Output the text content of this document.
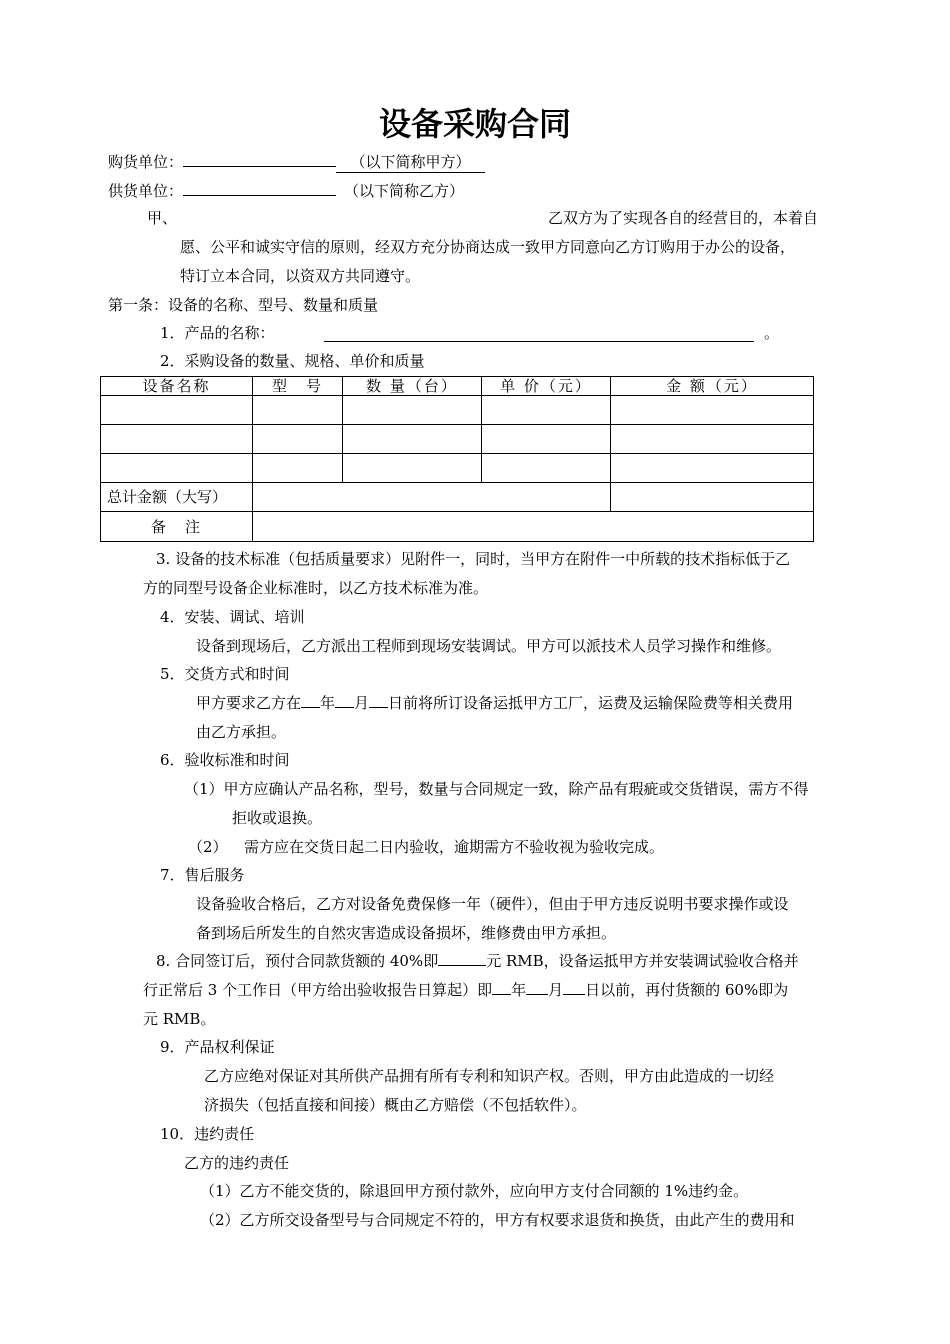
设备采购合同
购货单位：	（以下简称甲方）
供货单位：	（以下简称乙方）
甲、	乙双方为了实现各自的经营目的，本着自
愿、公平和诚实守信的原则，经双方充分协商达成一致甲方同意向乙方订购用于办公的设备，
特订立本合同，以资双方共同遵守。
第一条：设备的名称、型号、数量和质量
1．产品的名称：	。
2．采购设备的数量、规格、单价和质量
设备名称	型　号	数 量（台）	单 价（元）	金 额（元）

总计金额（大写）				
备　注				
3. 设备的技术标准（包括质量要求）见附件一，同时，当甲方在附件一中所载的技术指标低于乙
方的同型号设备企业标准时，以乙方技术标准为准。
4．安装、调试、培训
设备到现场后，乙方派出工程师到现场安装调试。甲方可以派技术人员学习操作和维修。
5．交货方式和时间
甲方要求乙方在 年 月 日前将所订设备运抵甲方工厂，运费及运输保险费等相关费用
由乙方承担。
6．验收标准和时间
（1）甲方应确认产品名称，型号，数量与合同规定一致，除产品有瑕疵或交货错误，需方不得
拒收或退换。
（2） 需方应在交货日起二日内验收，逾期需方不验收视为验收完成。
7．售后服务
设备验收合格后，乙方对设备免费保修一年（硬件），但由于甲方违反说明书要求操作或设
备到场后所发生的自然灾害造成设备损坏，维修费由甲方承担。
8. 合同签订后，预付合同款货额的 40%即	元 RMB，设备运抵甲方并安装调试验收合格并
行正常后 3 个工作日（甲方给出验收报告日算起）即 年 月 日以前，再付货额的 60%即为
元 RMB。
9．产品权利保证
乙方应绝对保证对其所供产品拥有所有专利和知识产权。否则，甲方由此造成的一切经
济损失（包括直接和间接）概由乙方赔偿（不包括软件）。
10．违约责任
乙方的违约责任
（1）乙方不能交货的，除退回甲方预付款外，应向甲方支付合同额的 1%违约金。
（2）乙方所交设备型号与合同规定不符的，甲方有权要求退货和换货，由此产生的费用和
